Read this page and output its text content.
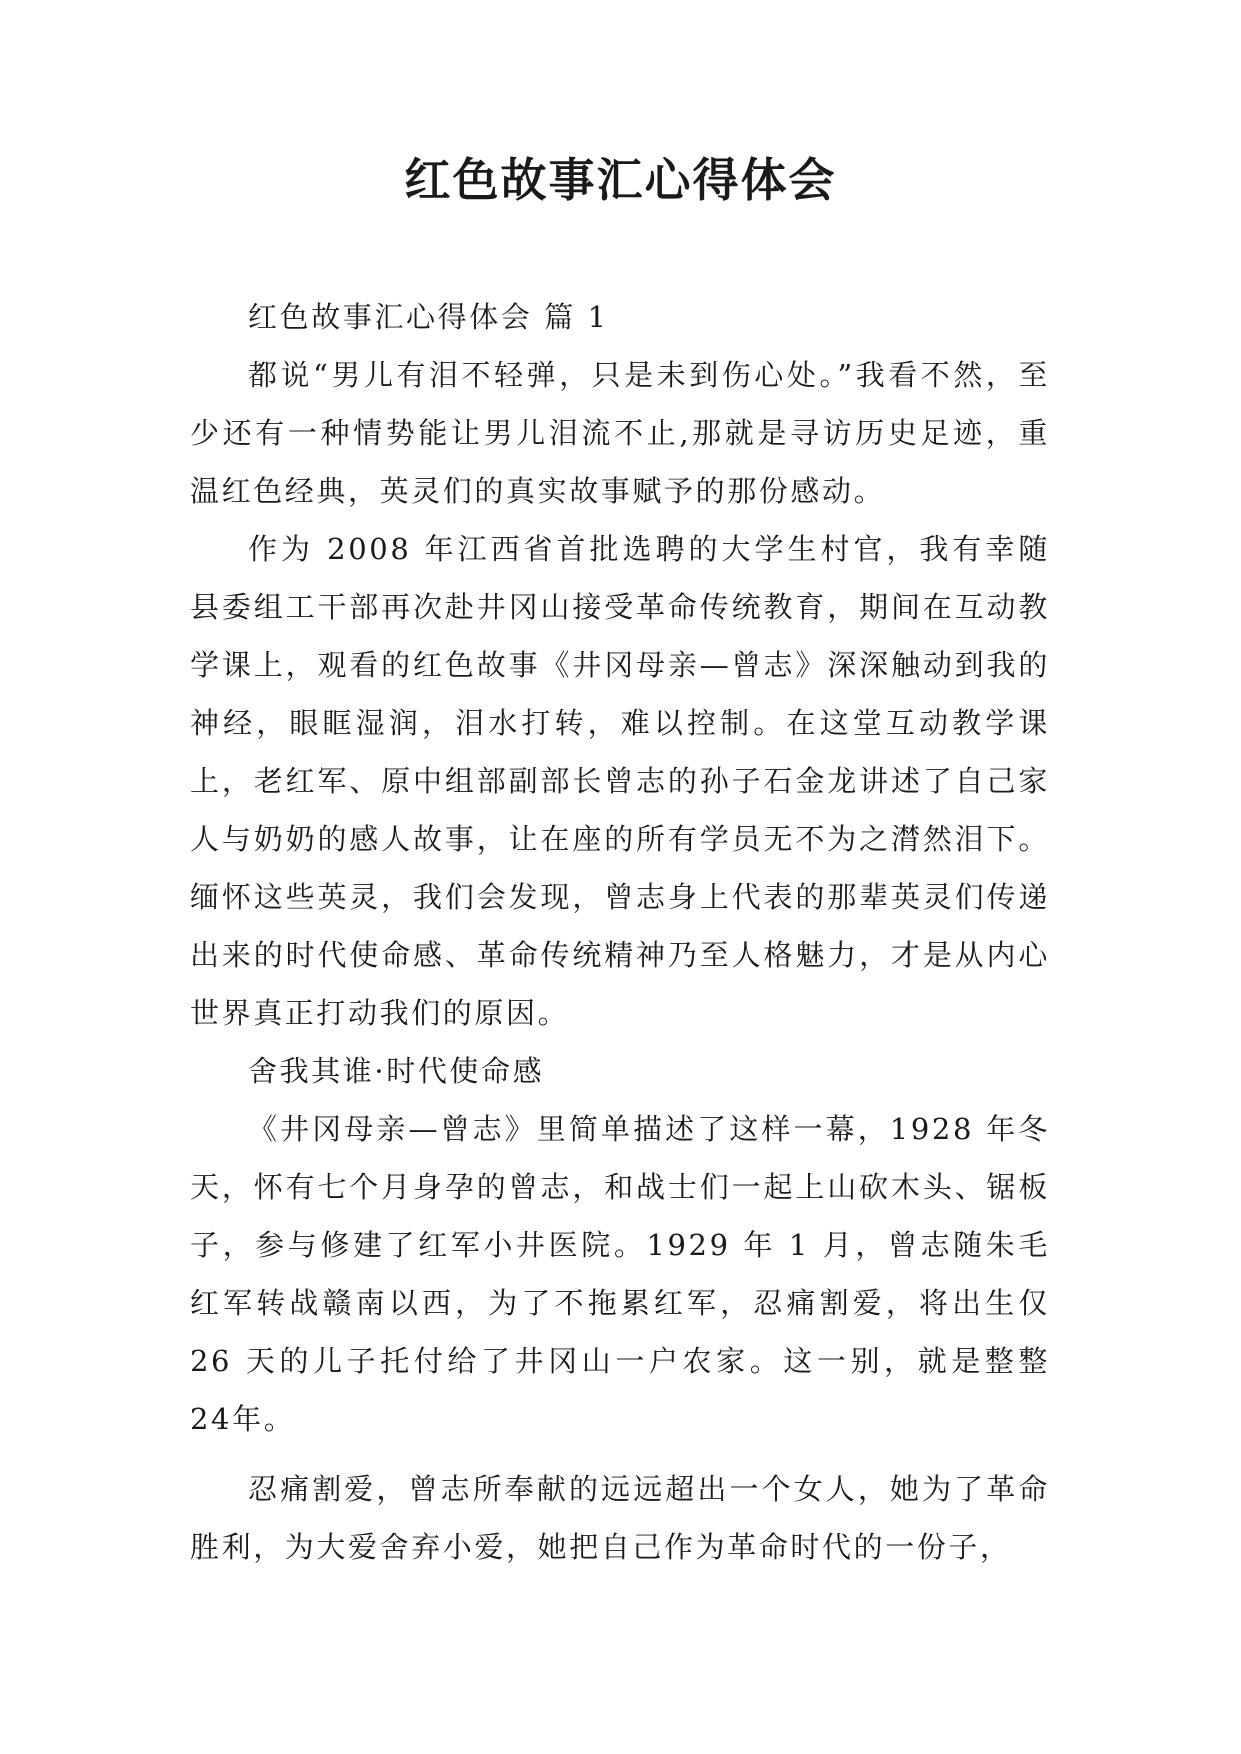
红色故事汇心得体会

红色故事汇心得体会 篇 1

都说“男儿有泪不轻弹，只是未到伤心处。”我看不然，至少还有一种情势能让男儿泪流不止,那就是寻访历史足迹，重温红色经典，英灵们的真实故事赋予的那份感动。

作为 2008 年江西省首批选聘的大学生村官，我有幸随县委组工干部再次赴井冈山接受革命传统教育，期间在互动教学课上，观看的红色故事《井冈母亲—曾志》深深触动到我的神经，眼眶湿润，泪水打转，难以控制。在这堂互动教学课上，老红军、原中组部副部长曾志的孙子石金龙讲述了自己家人与奶奶的感人故事，让在座的所有学员无不为之潸然泪下。缅怀这些英灵，我们会发现，曾志身上代表的那辈英灵们传递出来的时代使命感、革命传统精神乃至人格魅力，才是从内心世界真正打动我们的原因。

舍我其谁·时代使命感

《井冈母亲—曾志》里简单描述了这样一幕，1928 年冬天，怀有七个月身孕的曾志，和战士们一起上山砍木头、锯板子，参与修建了红军小井医院。1929 年 1 月，曾志随朱毛红军转战赣南以西，为了不拖累红军，忍痛割爱，将出生仅26 天的儿子托付给了井冈山一户农家。这一别，就是整整 24年。

忍痛割爱，曾志所奉献的远远超出一个女人，她为了革命胜利，为大爱舍弃小爱，她把自己作为革命时代的一份子，
